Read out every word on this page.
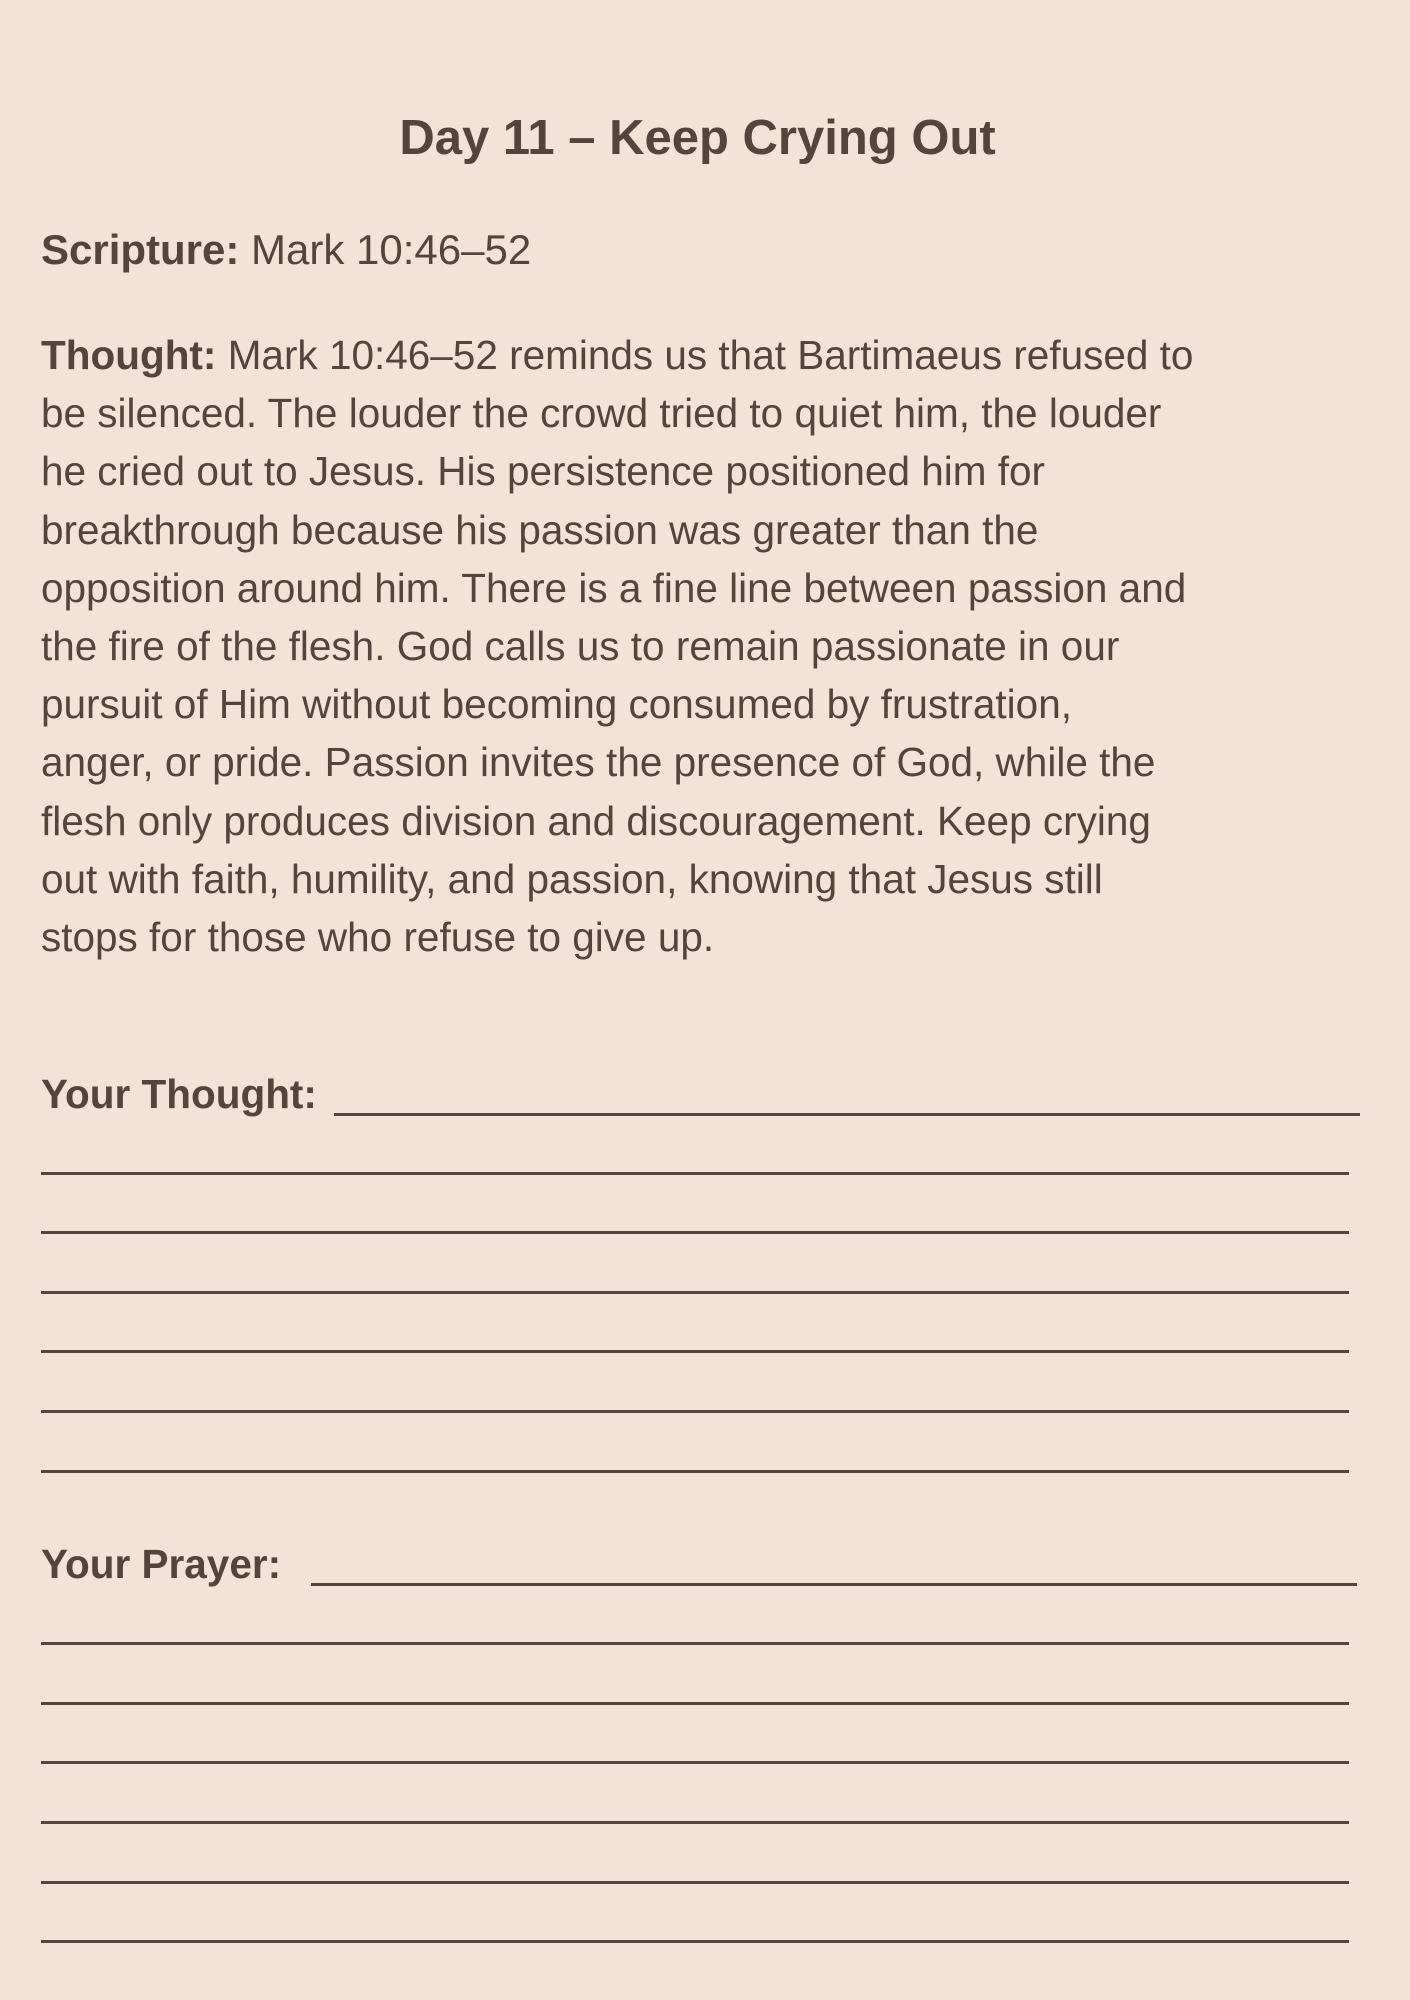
Day 11 – Keep Crying Out

Scripture: Mark 10:46–52

Thought: Mark 10:46–52 reminds us that Bartimaeus refused to
be silenced. The louder the crowd tried to quiet him, the louder
he cried out to Jesus. His persistence positioned him for
breakthrough because his passion was greater than the
opposition around him. There is a fine line between passion and
the fire of the flesh. God calls us to remain passionate in our
pursuit of Him without becoming consumed by frustration,
anger, or pride. Passion invites the presence of God, while the
flesh only produces division and discouragement. Keep crying
out with faith, humility, and passion, knowing that Jesus still
stops for those who refuse to give up.

Your Thought:
Your Prayer:
